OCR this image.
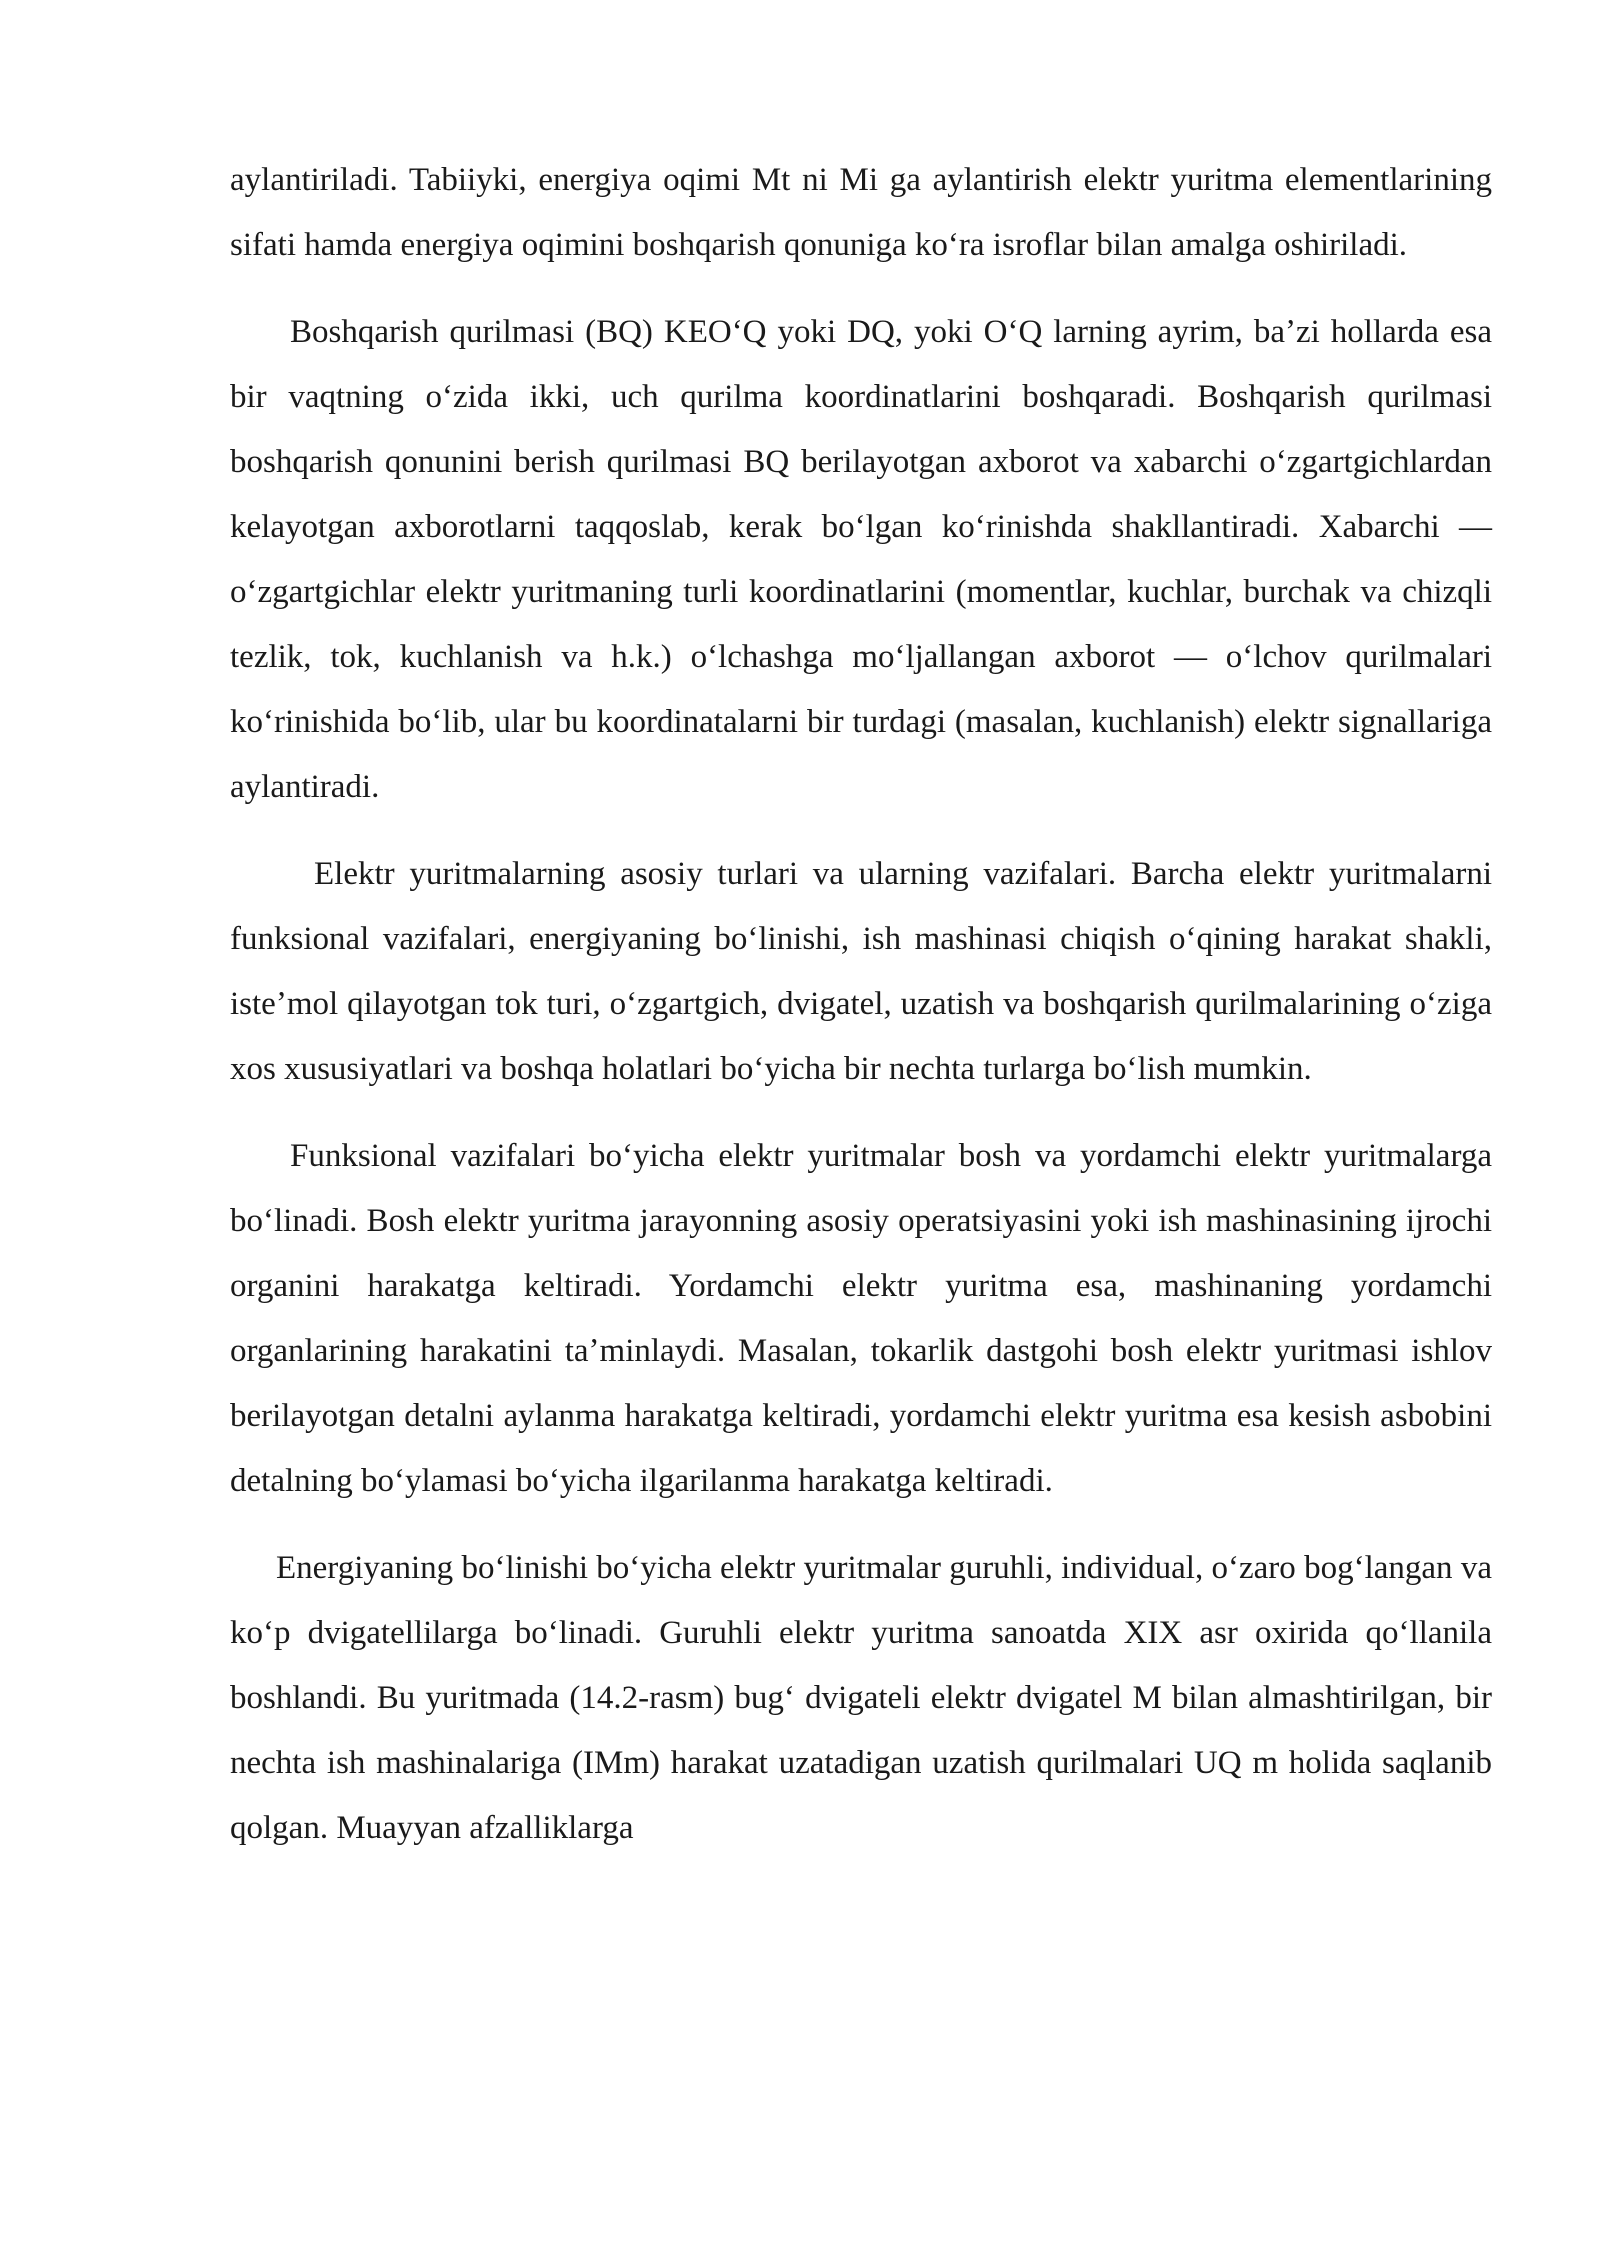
aylantiriladi. Tabiiyki, energiya oqimi Mt ni Mi ga aylantirish elektr yuritma elementlarining sifati hamda energiya oqimini boshqarish qonuniga koʻra isroflar bilan amalga oshiriladi.

Boshqarish qurilmasi (BQ) KEOʻQ yoki DQ, yoki OʻQ larning ayrim, baʼzi hollarda esa bir vaqtning oʻzida ikki, uch qurilma koordinatlarini boshqaradi. Boshqarish qurilmasi boshqarish qonunini berish qurilmasi BQ berilayotgan axborot va xabarchi oʻzgartgichlardan kelayotgan axborotlarni taqqoslab, kerak boʻlgan koʻrinishda shakllantiradi. Xabarchi — oʻzgartgichlar elektr yuritmaning turli koordinatlarini (momentlar, kuchlar, burchak va chizqli tezlik, tok, kuchlanish va h.k.) oʻlchashga moʻljallangan axborot — oʻlchov qurilmalari koʻrinishida boʻlib, ular bu koordinatalarni bir turdagi (masalan, kuchlanish) elektr signallariga aylantiradi.

Elektr yuritmalarning asosiy turlari va ularning vazifalari. Barcha elektr yuritmalarni funksional vazifalari, energiyaning boʻlinishi, ish mashinasi chiqish oʻqining harakat shakli, isteʼmol qilayotgan tok turi, oʻzgartgich, dvigatel, uzatish va boshqarish qurilmalarining oʻziga xos xususiyatlari va boshqa holatlari boʻyicha bir nechta turlarga boʻlish mumkin.

Funksional vazifalari boʻyicha elektr yuritmalar bosh va yordamchi elektr yuritmalarga boʻlinadi. Bosh elektr yuritma jarayonning asosiy operatsiyasini yoki ish mashinasining ijrochi organini harakatga keltiradi. Yordamchi elektr yuritma esa, mashinaning yordamchi organlarining harakatini taʼminlaydi. Masalan, tokarlik dastgohi bosh elektr yuritmasi ishlov berilayotgan detalni aylanma harakatga keltiradi, yordamchi elektr yuritma esa kesish asbobini detalning boʻylamasi boʻyicha ilgarilanma harakatga keltiradi.

Energiyaning boʻlinishi boʻyicha elektr yuritmalar guruhli, individual, oʻzaro bogʻlangan va koʻp dvigatellilarga boʻlinadi. Guruhli elektr yuritma sanoatda XIX asr oxirida qoʻllanila boshlandi. Bu yuritmada (14.2-rasm) bugʻ dvigateli elektr dvigatel M bilan almashtirilgan, bir nechta ish mashinalariga (IMm) harakat uzatadigan uzatish qurilmalari UQ m holida saqlanib qolgan. Muayyan afzalliklarga
